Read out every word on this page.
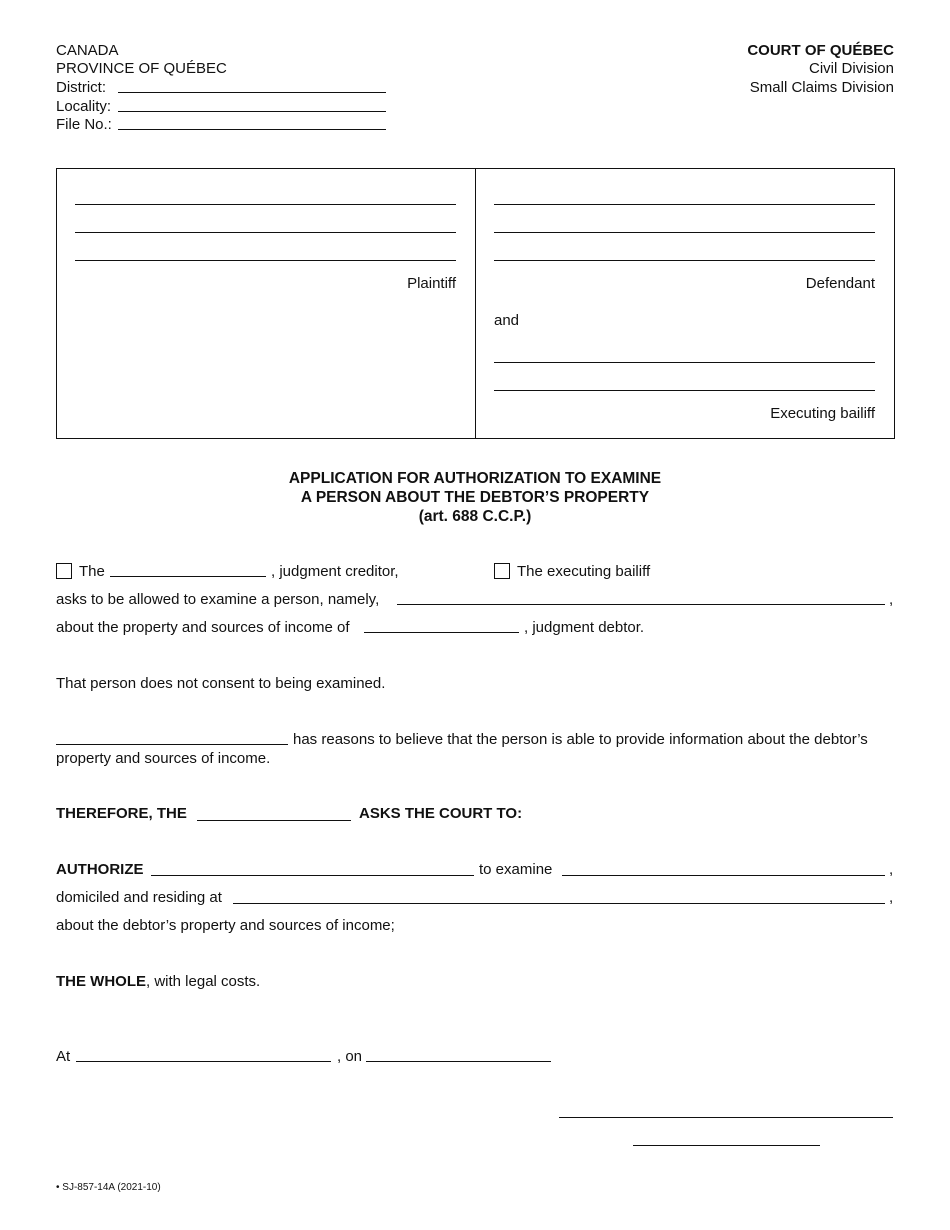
CANADA
PROVINCE OF QUÉBEC
District:
Locality:
File No.:
COURT OF QUÉBEC
Civil Division
Small Claims Division
Plaintiff	Defendant
and
Executing bailiff
APPLICATION FOR AUTHORIZATION TO EXAMINE
A PERSON ABOUT THE DEBTOR’S PROPERTY
(art. 688 C.C.P.)
The	, judgment creditor,	The executing bailiff
asks to be allowed to examine a person, namely,	,
about the property and sources of income of	, judgment debtor.
That person does not consent to being examined.
has reasons to believe that the person is able to provide information about the debtor’s
property and sources of income.
THEREFORE, THE	ASKS THE COURT TO:
AUTHORIZE	to examine	,
domiciled and residing at	,
about the debtor’s property and sources of income;
THE WHOLE, with legal costs.
At	, on
• SJ-857-14A (2021-10)
